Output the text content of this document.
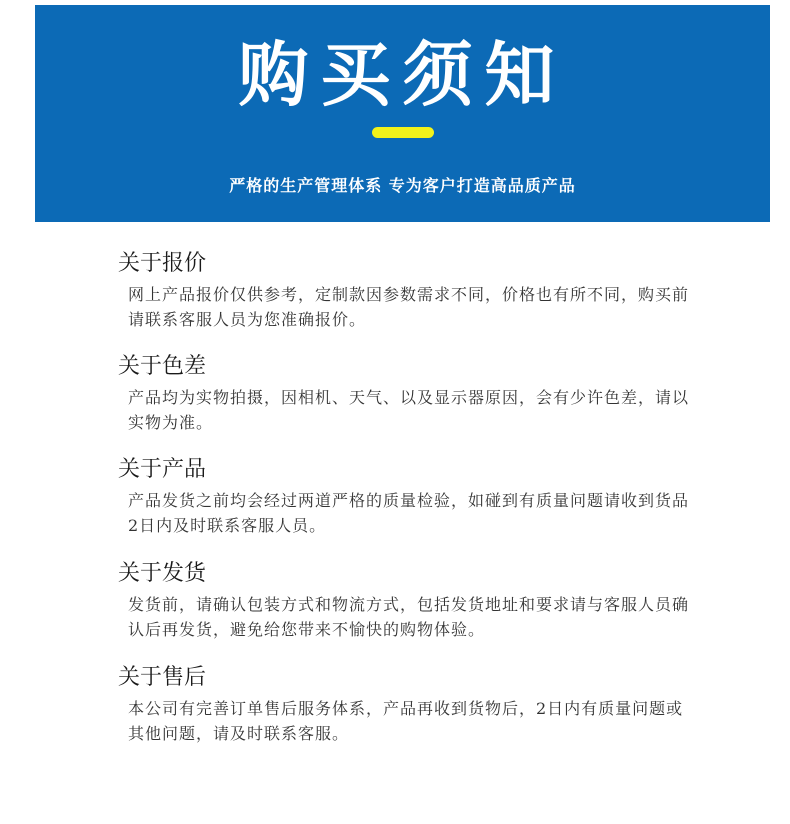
购买须知
严格的生产管理体系 专为客户打造高品质产品
关于报价
网上产品报价仅供参考，定制款因参数需求不同，价格也有所不同，购买前请联系客服人员为您准确报价。
关于色差
产品均为实物拍摄，因相机、天气、以及显示器原因，会有少许色差，请以实物为准。
关于产品
产品发货之前均会经过两道严格的质量检验，如碰到有质量问题请收到货品2日内及时联系客服人员。
关于发货
发货前，请确认包装方式和物流方式，包括发货地址和要求请与客服人员确认后再发货，避免给您带来不愉快的购物体验。
关于售后
本公司有完善订单售后服务体系，产品再收到货物后，2日内有质量问题或其他问题，请及时联系客服。
